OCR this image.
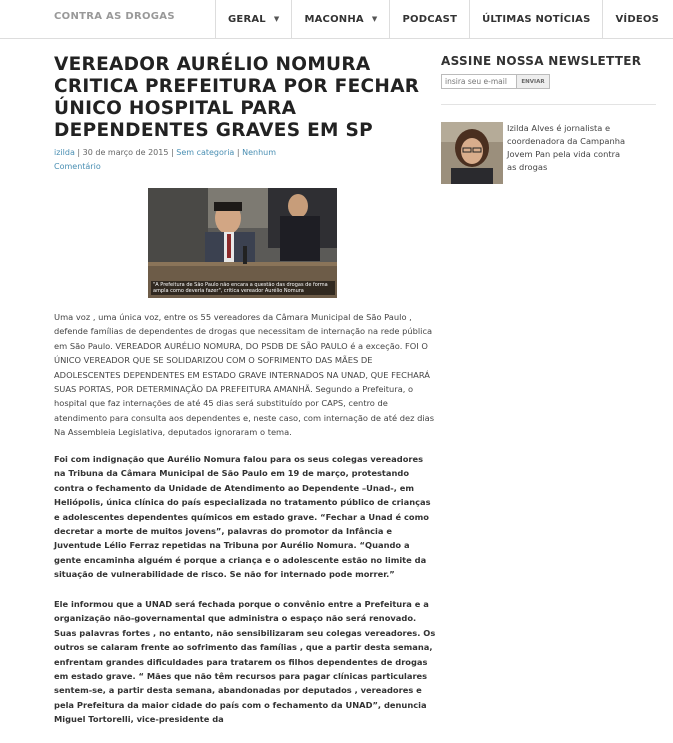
CONTRA AS DROGAS	GERAL ▼	MACONHA ▼	PODCAST	ÚLTIMAS NOTÍCIAS	VÍDEOS
VEREADOR AURÉLIO NOMURA CRITICA PREFEITURA POR FECHAR ÚNICO HOSPITAL PARA DEPENDENTES GRAVES EM SP
izilda | 30 de março de 2015 | Sem categoria | Nenhum Comentário
"A Prefeitura de São Paulo não encara a questão das drogas de forma ampla como deveria fazer", critica vereador Aurélio Nomura

Uma voz , uma única voz, entre os 55 vereadores da Câmara Municipal de São Paulo , defende famílias de dependentes de drogas que necessitam de internação na rede pública em São Paulo. VEREADOR AURÉLIO NOMURA, DO PSDB DE SÃO PAULO é a exceção. FOI O ÚNICO VEREADOR QUE SE SOLIDARIZOU COM O SOFRIMENTO DAS MÃES DE ADOLESCENTES DEPENDENTES EM ESTADO GRAVE INTERNADOS NA UNAD, QUE FECHARÁ SUAS PORTAS, POR DETERMINAÇÃO DA PREFEITURA AMANHÃ. Segundo a Prefeitura, o hospital que faz internações de até 45 dias será substituído por CAPS, centro de atendimento para consulta aos dependentes e, neste caso, com internação de até dez dias Na Assembleia Legislativa, deputados ignoraram o tema.

Foi com indignação que Aurélio Nomura falou para os seus colegas vereadores na Tribuna da Câmara Municipal de São Paulo em 19 de março, protestando contra o fechamento da Unidade de Atendimento ao Dependente –Unad-, em Heliópolis, única clínica do país especializada no tratamento público de crianças e adolescentes dependentes químicos em estado grave. “Fechar a Unad é como decretar a morte de muitos jovens”, palavras do promotor da Infância e Juventude Lélio Ferraz repetidas na Tribuna por Aurélio Nomura. “Quando a gente encaminha alguém é porque a criança e o adolescente estão no limite da situação de vulnerabilidade de risco. Se não for internado pode morrer.”

Ele informou que a UNAD será fechada porque o convênio entre a Prefeitura e a organização não-governamental que administra o espaço não será renovado. Suas palavras fortes , no entanto, não sensibilizaram seu colegas vereadores. Os outros se calaram frente ao sofrimento das famílias , que a partir desta semana, enfrentam grandes dificuldades para tratarem os filhos dependentes de drogas em estado grave. “ Mães que não têm recursos para pagar clínicas particulares sentem-se, a partir desta semana, abandonadas por deputados , vereadores e pela Prefeitura da maior cidade do país com o fechamento da UNAD”, denuncia Miguel Tortorelli, vice-presidente da

ASSINE NOSSA NEWSLETTER
insira seu e-mail
ENVIAR
Izilda Alves é jornalista e coordenadora da Campanha Jovem Pan pela vida contra as drogas
